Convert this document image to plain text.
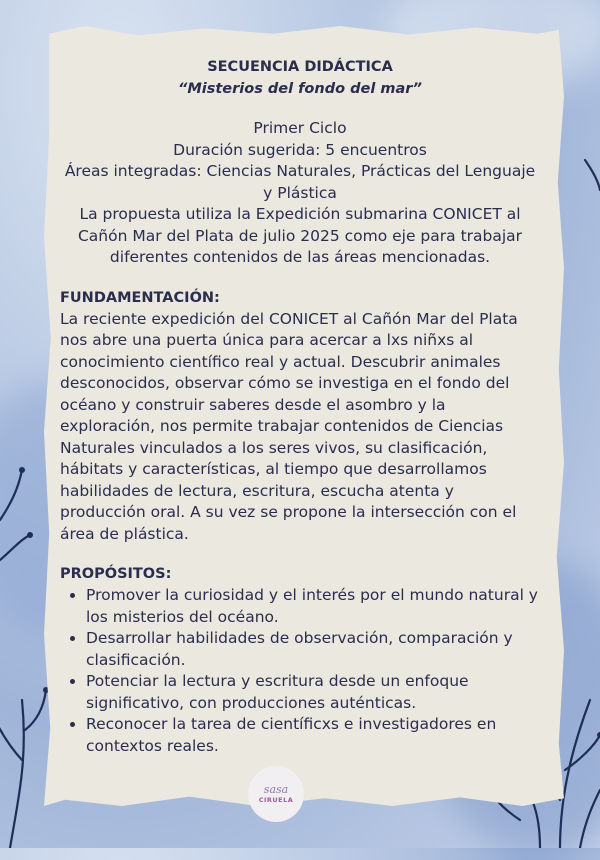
SECUENCIA DIDÁCTICA
“Misterios del fondo del mar”
Primer Ciclo
Duración sugerida: 5 encuentros
Áreas integradas: Ciencias Naturales, Prácticas del Lenguaje y Plástica
La propuesta utiliza la Expedición submarina CONICET al Cañón Mar del Plata de julio 2025 como eje para trabajar diferentes contenidos de las áreas mencionadas.
FUNDAMENTACIÓN:
La reciente expedición del CONICET al Cañón Mar del Plata nos abre una puerta única para acercar a lxs niñxs al conocimiento científico real y actual. Descubrir animales desconocidos, observar cómo se investiga en el fondo del océano y construir saberes desde el asombro y la exploración, nos permite trabajar contenidos de Ciencias Naturales vinculados a los seres vivos, su clasificación, hábitats y características, al tiempo que desarrollamos habilidades de lectura, escritura, escucha atenta y producción oral. A su vez se propone la intersección con el área de plástica.
PROPÓSITOS:
• Promover la curiosidad y el interés por el mundo natural y los misterios del océano.
• Desarrollar habilidades de observación, comparación y clasificación.
• Potenciar la lectura y escritura desde un enfoque significativo, con producciones auténticas.
• Reconocer la tarea de científicxs e investigadores en contextos reales.
sasa
CIRUELA
